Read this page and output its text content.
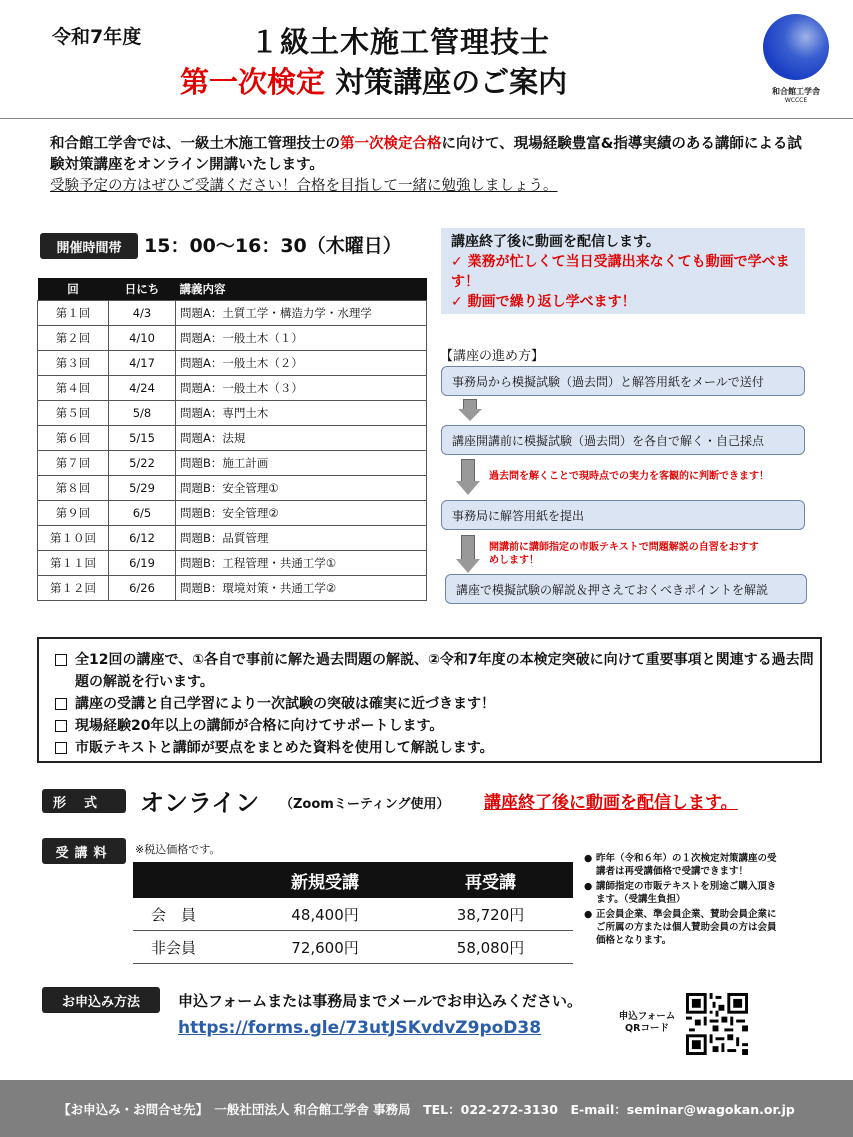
令和7年度	１級土木施工管理技士
第一次検定 対策講座のご案内	和合館工学舎
WCCCE
和合館工学舎では、一級土木施工管理技士の第一次検定合格に向けて、現場経験豊富&指導実績のある講師による試験対策講座をオンライン開講いたします。
受験予定の方はぜひご受講ください！合格を目指して一緒に勉強しましょう。
開催時間帯	15：00～16：30（木曜日）
回	日にち	講義内容
第１回	4/3	問題A：土質工学・構造力学・水理学
第２回	4/10	問題A：一般土木（１）
第３回	4/17	問題A：一般土木（２）
第４回	4/24	問題A：一般土木（３）
第５回	5/8	問題A：専門土木
第６回	5/15	問題A：法規
第７回	5/22	問題B：施工計画
第８回	5/29	問題B：安全管理①
第９回	6/5	問題B：安全管理②
第１０回	6/12	問題B：品質管理
第１１回	6/19	問題B：工程管理・共通工学①
第１２回	6/26	問題B：環境対策・共通工学②
講座終了後に動画を配信します。
✓ 業務が忙しくて当日受講出来なくても動画で学べます！
✓ 動画で繰り返し学べます！
【講座の進め方】
事務局から模擬試験（過去問）と解答用紙をメールで送付
講座開講前に模擬試験（過去問）を各自で解く・自己採点
過去問を解くことで現時点での実力を客観的に判断できます！
事務局に解答用紙を提出
開講前に講師指定の市販テキストで問題解説の自習をおすすめします！
講座で模擬試験の解説＆押さえておくべきポイントを解説
全12回の講座で、①各自で事前に解た過去問題の解説、②令和7年度の本検定突破に向けて重要事項と関連する過去問題の解説を行います。
講座の受講と自己学習により一次試験の突破は確実に近づきます！
現場経験20年以上の講師が合格に向けてサポートします。
市販テキストと講師が要点をまとめた資料を使用して解説します。
形式	オンライン （Zoomミーティング使用） 講座終了後に動画を配信します。
受講料	※税込価格です。
	新規受講	再受講
会　員	48,400円	38,720円
非会員	72,600円	58,080円
● 昨年（令和６年）の１次検定対策講座の受講者は再受講価格で受講できます！
● 講師指定の市販テキストを別途ご購入頂きます。（受講生負担）
● 正会員企業、準会員企業、賛助会員企業にご所属の方または個人賛助会員の方は会員価格となります。
お申込み方法	申込フォームまたは事務局までメールでお申込みください。
https://forms.gle/73utJSKvdvZ9poD38
申込フォーム QRコード
【お申込み・お問合せ先】　一般社団法人 和合館工学舎 事務局　TEL：022-272-3130　E-mail：seminar@wagokan.or.jp
